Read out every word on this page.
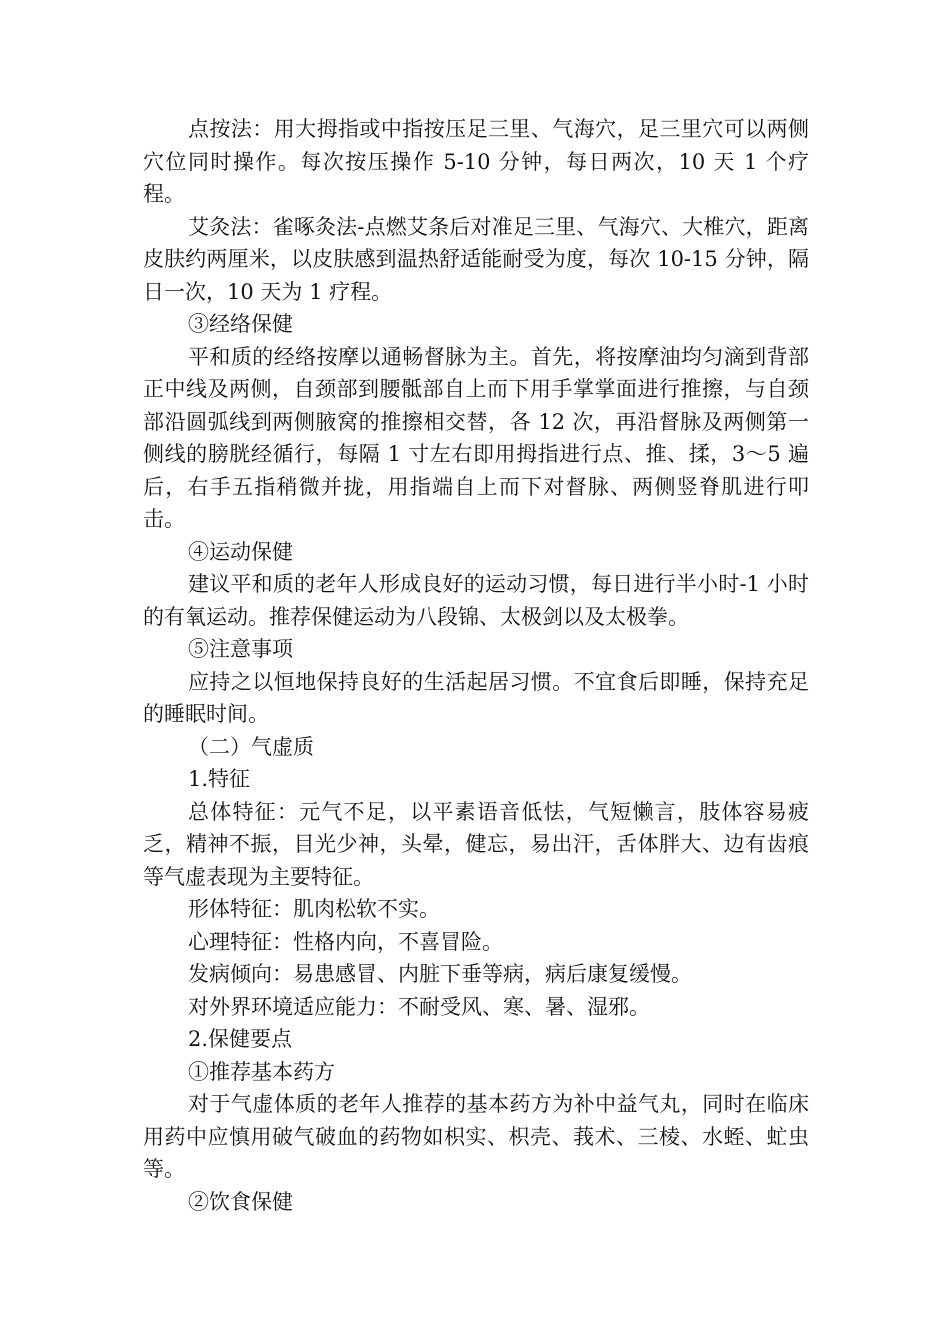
点按法：用大拇指或中指按压足三里、气海穴，足三里穴可以两侧穴位同时操作。每次按压操作 5-10 分钟，每日两次，10 天 1 个疗程。

艾灸法：雀啄灸法-点燃艾条后对准足三里、气海穴、大椎穴，距离皮肤约两厘米，以皮肤感到温热舒适能耐受为度，每次 10-15 分钟，隔日一次，10 天为 1 疗程。

③经络保健

平和质的经络按摩以通畅督脉为主。首先，将按摩油均匀滴到背部正中线及两侧，自颈部到腰骶部自上而下用手掌掌面进行推擦，与自颈部沿圆弧线到两侧腋窝的推擦相交替，各 12 次，再沿督脉及两侧第一侧线的膀胱经循行，每隔 1 寸左右即用拇指进行点、推、揉，3～5 遍后，右手五指稍微并拢，用指端自上而下对督脉、两侧竖脊肌进行叩击。

④运动保健

建议平和质的老年人形成良好的运动习惯，每日进行半小时-1 小时的有氧运动。推荐保健运动为八段锦、太极剑以及太极拳。

⑤注意事项

应持之以恒地保持良好的生活起居习惯。不宜食后即睡，保持充足的睡眠时间。

（二）气虚质

1.特征

总体特征：元气不足，以平素语音低怯，气短懒言，肢体容易疲乏，精神不振，目光少神，头晕，健忘，易出汗，舌体胖大、边有齿痕等气虚表现为主要特征。

形体特征：肌肉松软不实。

心理特征：性格内向，不喜冒险。

发病倾向：易患感冒、内脏下垂等病，病后康复缓慢。

对外界环境适应能力：不耐受风、寒、暑、湿邪。

2.保健要点

①推荐基本药方

对于气虚体质的老年人推荐的基本药方为补中益气丸，同时在临床用药中应慎用破气破血的药物如枳实、枳壳、莪术、三棱、水蛭、虻虫等。

②饮食保健
